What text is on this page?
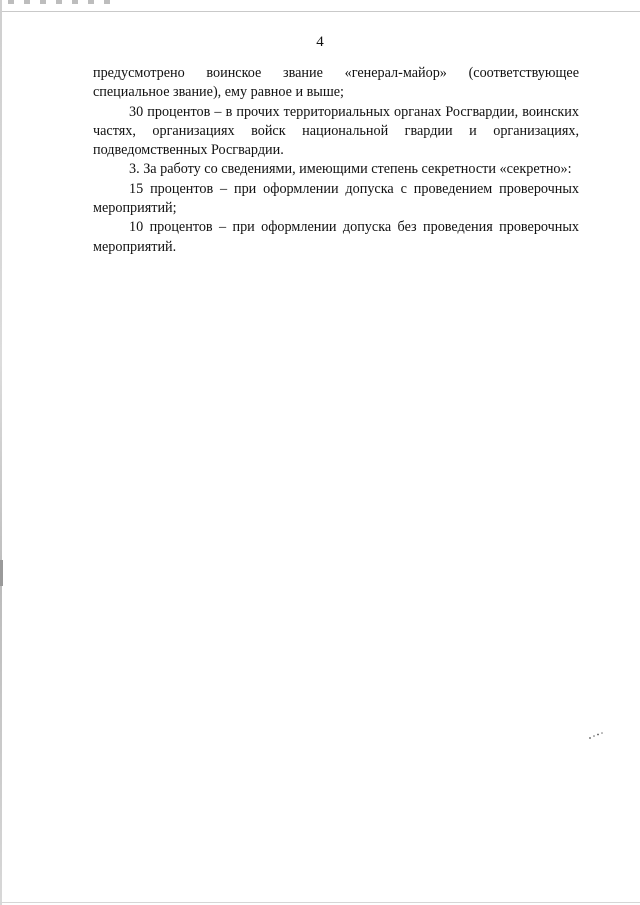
4

предусмотрено воинское звание «генерал-майор» (соответствующее специальное звание), ему равное и выше;

30 процентов – в прочих территориальных органах Росгвардии, воинских частях, организациях войск национальной гвардии и организациях, подведомственных Росгвардии.

3. За работу со сведениями, имеющими степень секретности «секретно»:

15 процентов – при оформлении допуска с проведением проверочных мероприятий;

10 процентов – при оформлении допуска без проведения проверочных мероприятий.
